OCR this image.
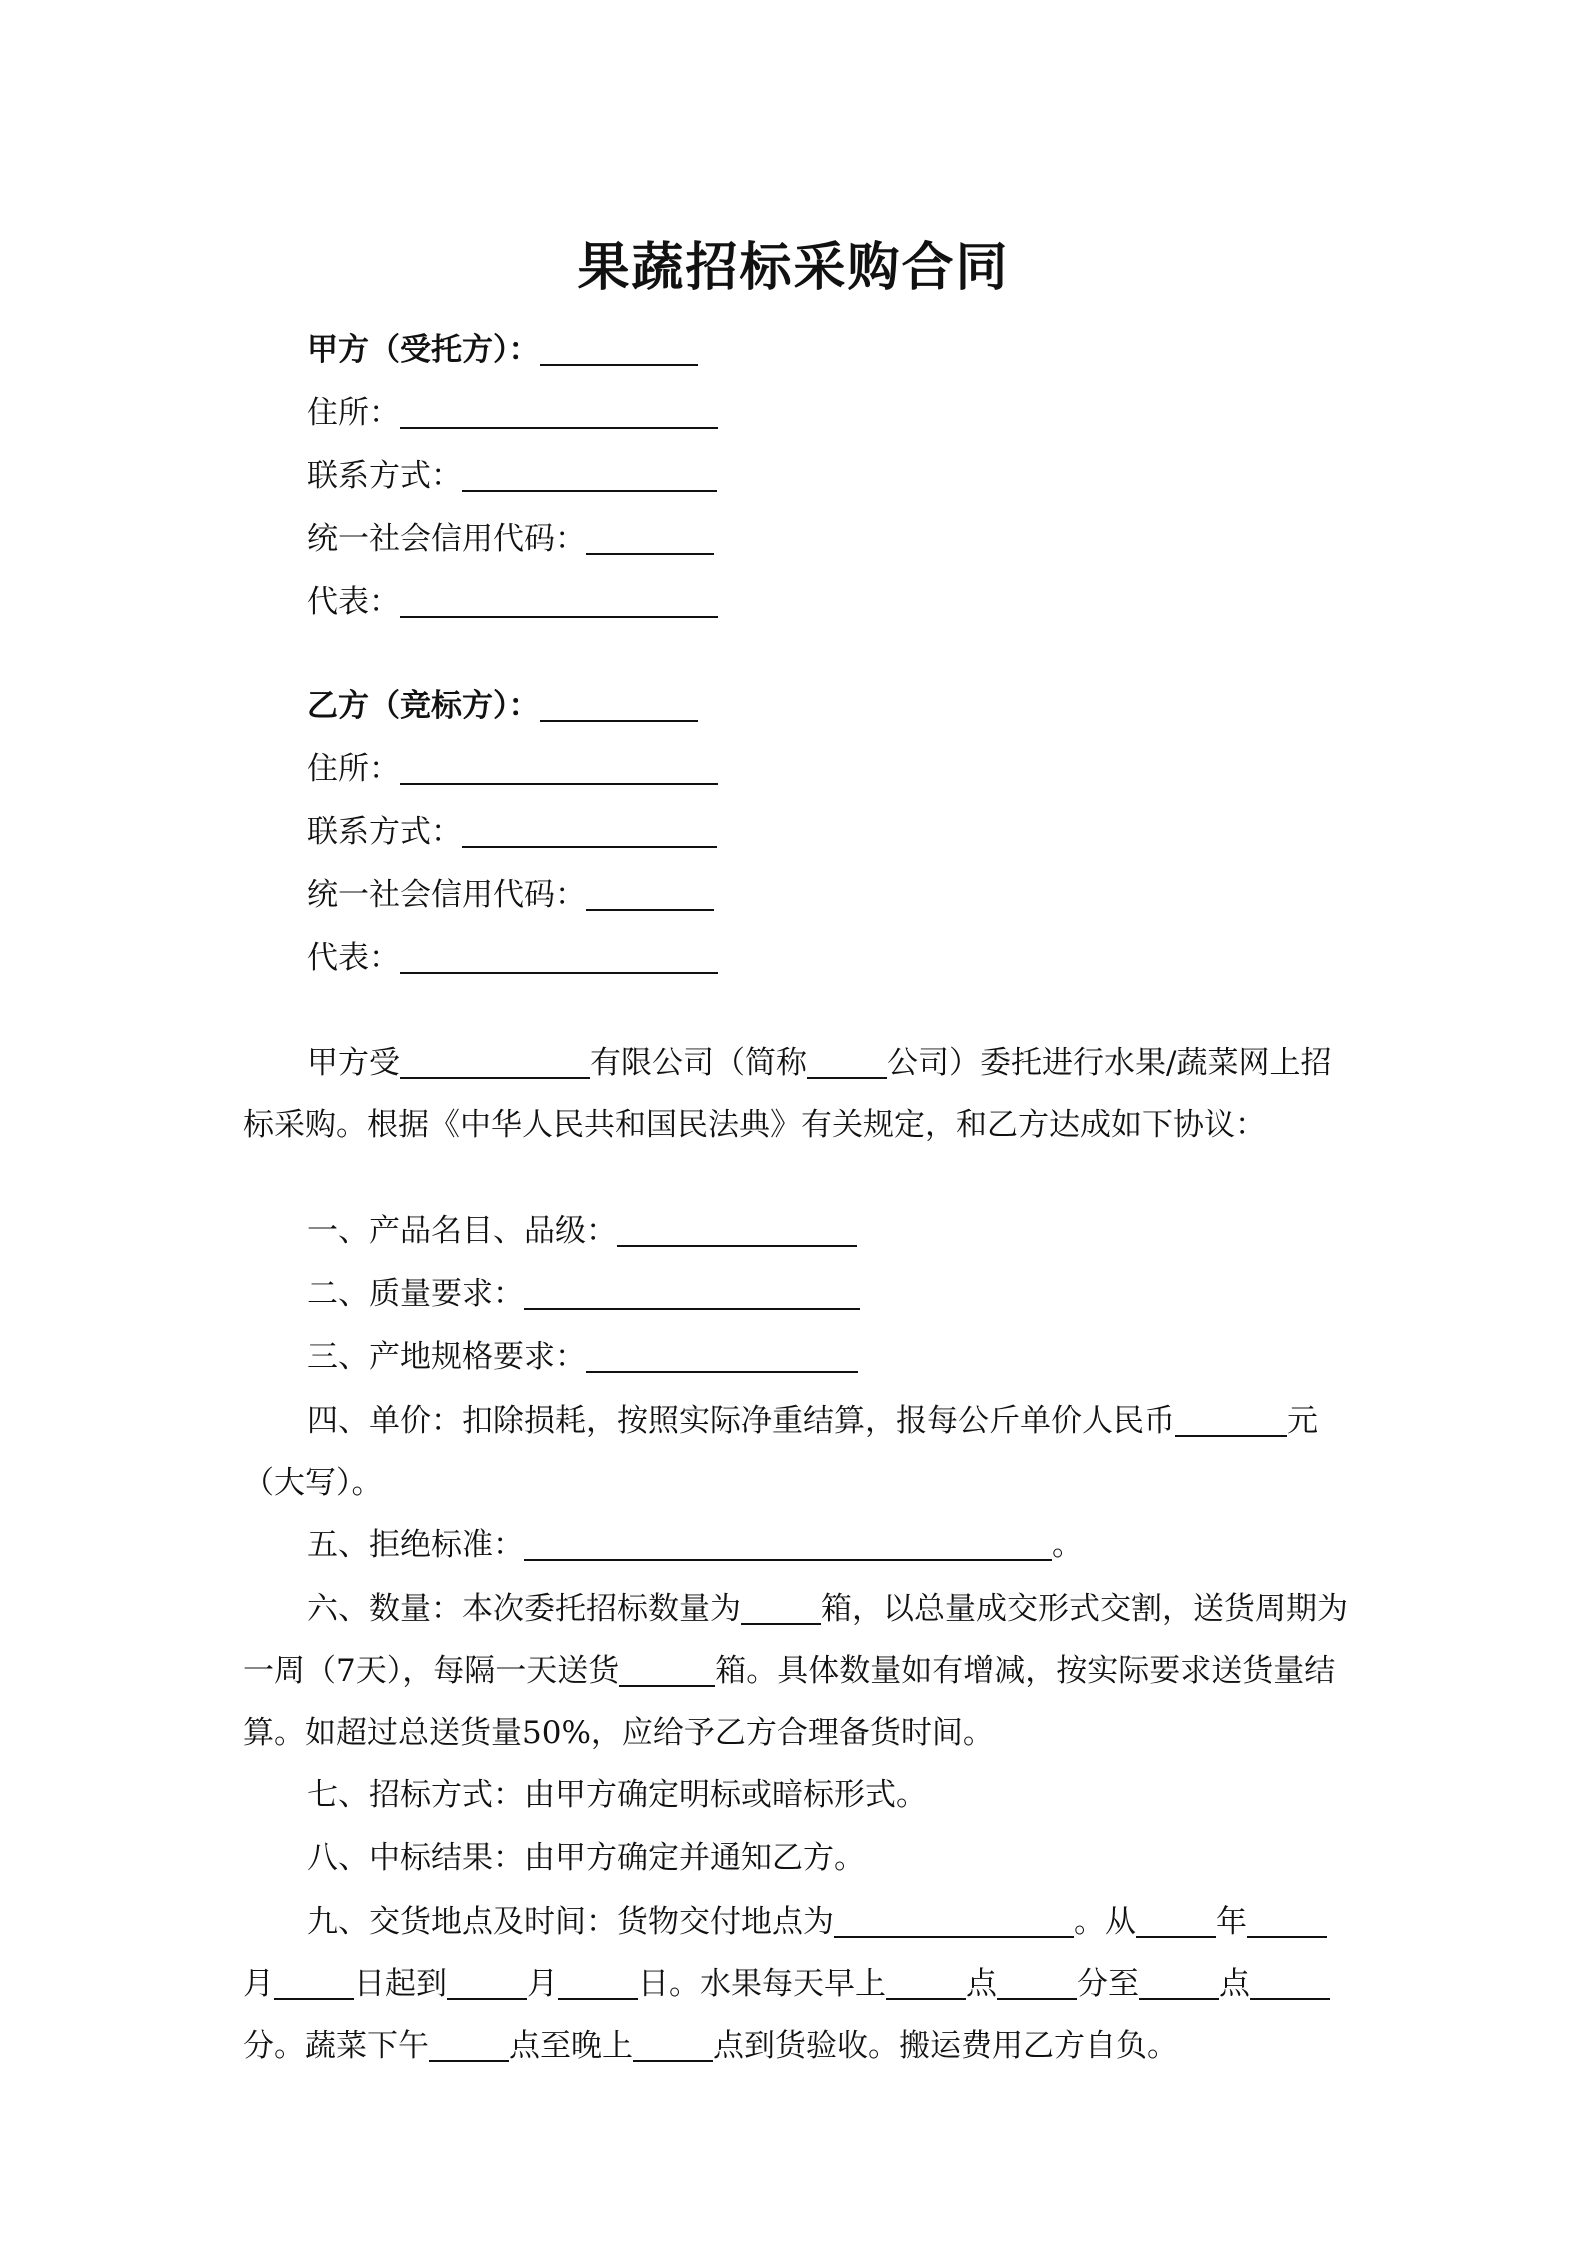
果蔬招标采购合同
甲方（受托方）：
住所：
联系方式：
统一社会信用代码：
代表：
乙方（竞标方）：
住所：
联系方式：
统一社会信用代码：
代表：

甲方受	有限公司（简称	公司）委托进行水果/蔬菜网上招标采购。根据《中华人民共和国民法典》有关规定，和乙方达成如下协议：

一、产品名目、品级：
二、质量要求：
三、产地规格要求：

四、单价：扣除损耗，按照实际净重结算，报每公斤单价人民币	元（大写）。

五、拒绝标准：	。

六、数量：本次委托招标数量为	箱，以总量成交形式交割，送货周期为一周（7天），每隔一天送货	箱。具体数量如有增减，按实际要求送货量结算。如超过总送货量50%，应给予乙方合理备货时间。

七、招标方式：由甲方确定明标或暗标形式。
八、中标结果：由甲方确定并通知乙方。

九、交货地点及时间：货物交付地点为	。从	年月	日起到	月	日。水果每天早上	点	分至	点分。蔬菜下午	点至晚上	点到货验收。搬运费用乙方自负。
